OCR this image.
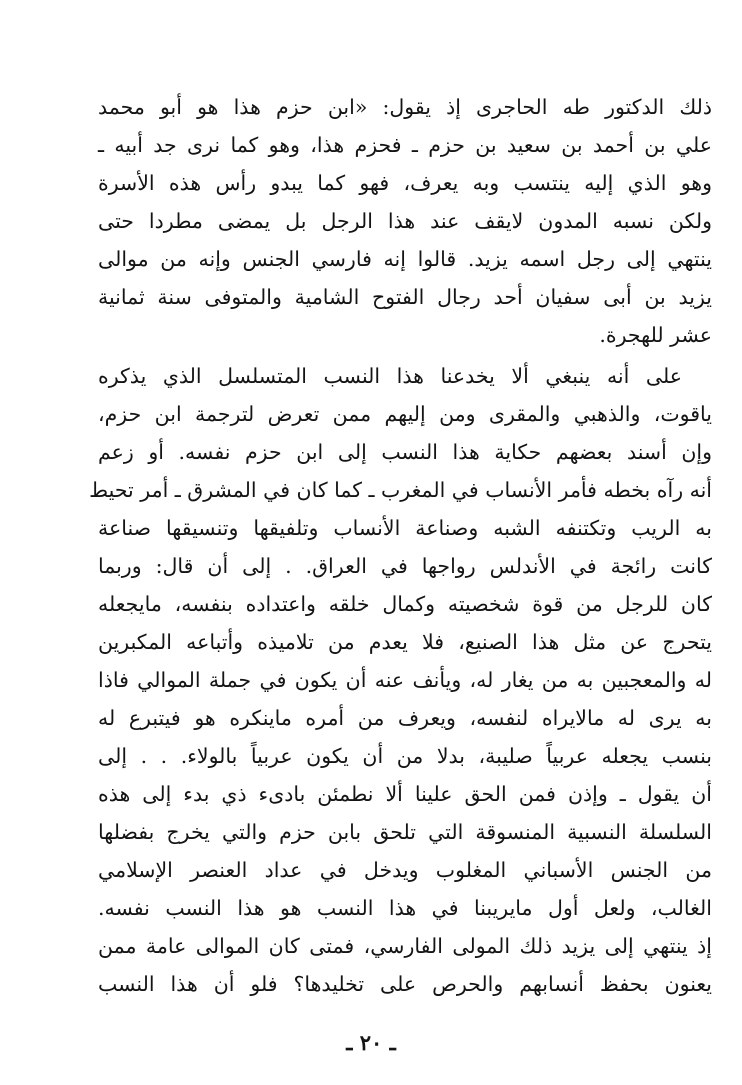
ذلك الدكتور طه الحاجرى إذ يقول: «ابن حزم هذا هو أبو محمد
علي بن أحمد بن سعيد بن حزم ـ فحزم هذا، وهو كما نرى جد أبيه ـ
وهو الذي إليه ينتسب وبه يعرف، فهو كما يبدو رأس هذه الأسرة
ولكن نسبه المدون لايقف عند هذا الرجل بل يمضى مطردا حتى
ينتهي إلى رجل اسمه يزيد. قالوا إنه فارسي الجنس وإنه من موالى
يزيد بن أبى سفيان أحد رجال الفتوح الشامية والمتوفى سنة ثمانية
عشر للهجرة.
على أنه ينبغي ألا يخدعنا هذا النسب المتسلسل الذي يذكره
ياقوت، والذهبي والمقرى ومن إليهم ممن تعرض لترجمة ابن حزم،
وإن أسند بعضهم حكاية هذا النسب إلى ابن حزم نفسه. أو زعم
أنه رآه بخطه فأمر الأنساب في المغرب ـ كما كان في المشرق ـ أمر تحيط
به الريب وتكتنفه الشبه وصناعة الأنساب وتلفيقها وتنسيقها صناعة
كانت رائجة في الأندلس رواجها في العراق. . إلى أن قال: وربما
كان للرجل من قوة شخصيته وكمال خلقه واعتداده بنفسه، مايجعله
يتحرج عن مثل هذا الصنيع، فلا يعدم من تلاميذه وأتباعه المكبرين
له والمعجبين به من يغار له، ويأنف عنه أن يكون في جملة الموالي فاذا
به يرى له مالايراه لنفسه، ويعرف من أمره ماينكره هو فيتبرع له
بنسب يجعله عربياً صليبة، بدلا من أن يكون عربياً بالولاء. . . إلى
أن يقول ـ وإذن فمن الحق علينا ألا نطمئن بادىء ذي بدء إلى هذه
السلسلة النسبية المنسوقة التي تلحق بابن حزم والتي يخرج بفضلها
من الجنس الأسباني المغلوب ويدخل في عداد العنصر الإسلامي
الغالب، ولعل أول مايريبنا في هذا النسب هو هذا النسب نفسه.
إذ ينتهي إلى يزيد ذلك المولى الفارسي، فمتى كان الموالى عامة ممن
يعنون بحفظ أنسابهم والحرص على تخليدها؟ فلو أن هذا النسب
ـ ٢٠ ـ
